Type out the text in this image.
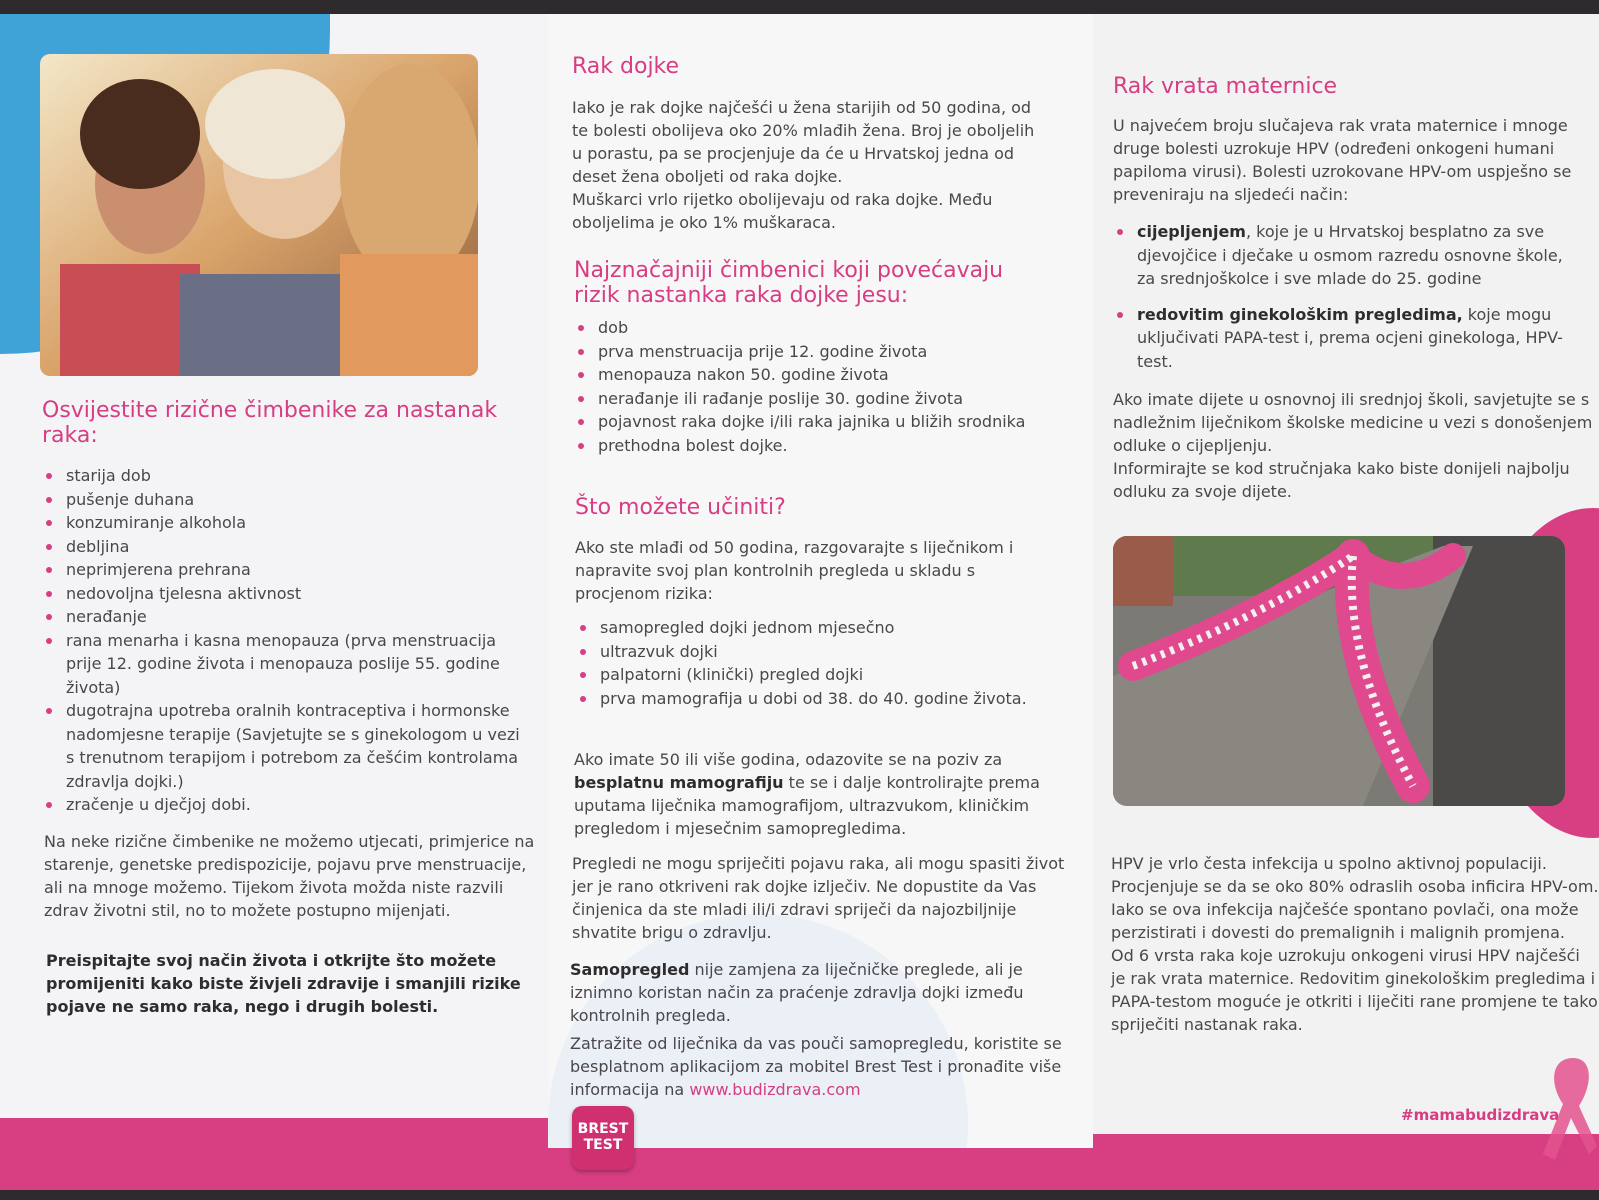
Osvijestite rizične čimbenike za nastanak raka:
starija dob
pušenje duhana
konzumiranje alkohola
debljina
neprimjerena prehrana
nedovoljna tjelesna aktivnost
nerađanje
rana menarha i kasna menopauza (prva menstruacija prije 12. godine života i menopauza poslije 55. godine života)
dugotrajna upotreba oralnih kontraceptiva i hormonske nadomjesne terapije (Savjetujte se s ginekologom u vezi s trenutnom terapijom i potrebom za češćim kontrolama zdravlja dojki.)
zračenje u dječjoj dobi.

Na neke rizične čimbenike ne možemo utjecati, primjerice na starenje, genetske predispozicije, pojavu prve menstruacije, ali na mnoge možemo. Tijekom života možda niste razvili zdrav životni stil, no to možete postupno mijenjati.

Preispitajte svoj način života i otkrijte što možete promijeniti kako biste živjeli zdravije i smanjili rizike pojave ne samo raka, nego i drugih bolesti.

Rak dojke

Iako je rak dojke najčešći u žena starijih od 50 godina, od te bolesti obolijeva oko 20% mlađih žena. Broj je oboljelih u porastu, pa se procjenjuje da će u Hrvatskoj jedna od deset žena oboljeti od raka dojke.

Muškarci vrlo rijetko obolijevaju od raka dojke. Među oboljelima je oko 1% muškaraca.

Najznačajniji čimbenici koji povećavaju rizik nastanka raka dojke jesu:
dob
prva menstruacija prije 12. godine života
menopauza nakon 50. godine života
nerađanje ili rađanje poslije 30. godine života
pojavnost raka dojke i/ili raka jajnika u bližih srodnika
prethodna bolest dojke.
Što možete učiniti?

Ako ste mlađi od 50 godina, razgovarajte s liječnikom i napravite svoj plan kontrolnih pregleda u skladu s procjenom rizika:

samopregled dojki jednom mjesečno
ultrazvuk dojki
palpatorni (klinički) pregled dojki
prva mamografija u dobi od 38. do 40. godine života.

Ako imate 50 ili više godina, odazovite se na poziv za besplatnu mamografiju te se i dalje kontrolirajte prema uputama liječnika mamografijom, ultrazvukom, kliničkim pregledom i mjesečnim samopregledima.

Pregledi ne mogu spriječiti pojavu raka, ali mogu spasiti život jer je rano otkriveni rak dojke izlječiv. Ne dopustite da Vas činjenica da ste mladi ili/i zdravi spriječi da najozbiljnije shvatite brigu o zdravlju.

Samopregled nije zamjena za liječničke preglede, ali je iznimno koristan način za praćenje zdravlja dojki između kontrolnih pregleda.

Zatražite od liječnika da vas pouči samopregledu, koristite se besplatnom aplikacijom za mobitel Brest Test i pronađite više informacija na www.budizdrava.com

BREST TEST
Rak vrata maternice

U najvećem broju slučajeva rak vrata maternice i mnoge druge bolesti uzrokuje HPV (određeni onkogeni humani papiloma virusi). Bolesti uzrokovane HPV-om uspješno se preveniraju na sljedeći način:

cijepljenjem, koje je u Hrvatskoj besplatno za sve djevojčice i dječake u osmom razredu osnovne škole, za srednjoškolce i sve mlade do 25. godine
redovitim ginekološkim pregledima, koje mogu uključivati PAPA-test i, prema ocjeni ginekologa, HPV-test.

Ako imate dijete u osnovnoj ili srednjoj školi, savjetujte se s nadležnim liječnikom školske medicine u vezi s donošenjem odluke o cijepljenju.

Informirajte se kod stručnjaka kako biste donijeli najbolju odluku za svoje dijete.

HPV je vrlo česta infekcija u spolno aktivnoj populaciji. Procjenjuje se da se oko 80% odraslih osoba inficira HPV-om. Iako se ova infekcija najčešće spontano povlači, ona može perzistirati i dovesti do premalignih i malignih promjena.

Od 6 vrsta raka koje uzrokuju onkogeni virusi HPV najčešći je rak vrata maternice. Redovitim ginekološkim pregledima i PAPA-testom moguće je otkriti i liječiti rane promjene te tako spriječiti nastanak raka.

#mamabudizdrava
